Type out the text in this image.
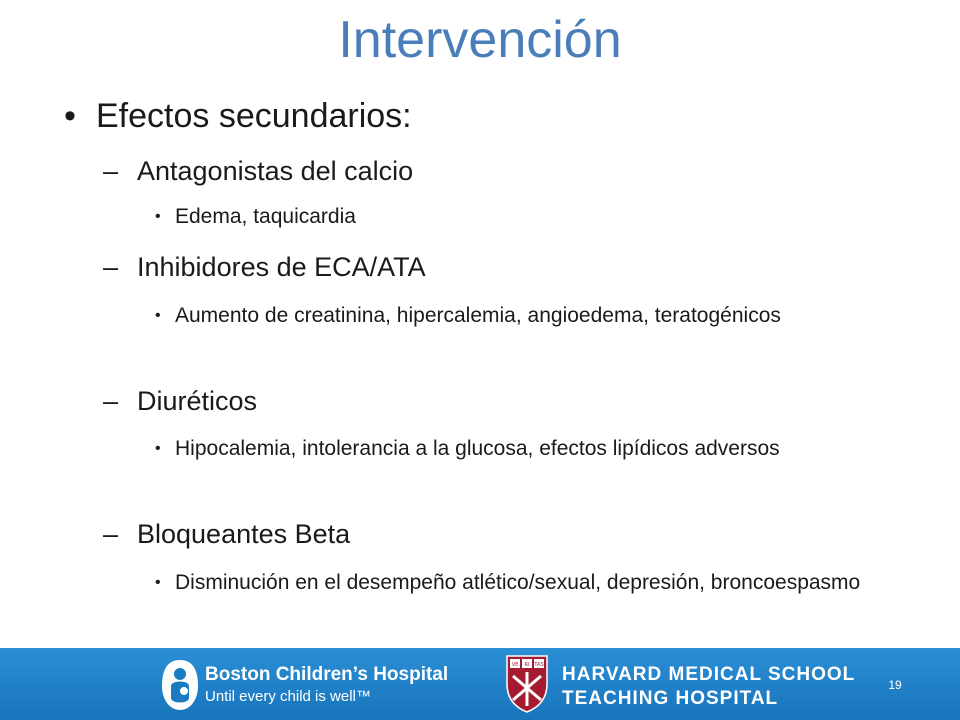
Intervención
• Efectos secundarios:
– Antagonistas del calcio
• Edema, taquicardia
– Inhibidores de ECA/ATA
• Aumento de creatinina, hipercalemia, angioedema, teratogénicos
– Diuréticos
• Hipocalemia, intolerancia a la glucosa, efectos lipídicos adversos
– Bloqueantes Beta
• Disminución en el desempeño atlético/sexual, depresión, broncoespasmo
Boston Children’s Hospital
Until every child is well™
VE RI TAS HARVARD MEDICAL SCHOOL
TEACHING HOSPITAL
19
